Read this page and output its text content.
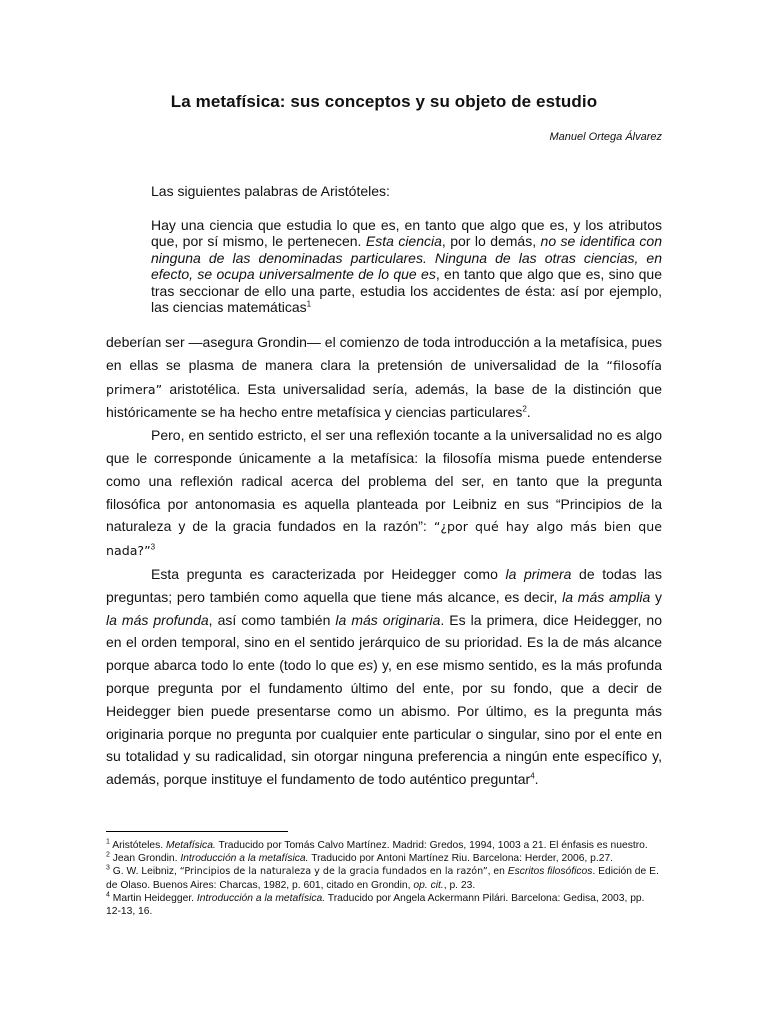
La metafísica: sus conceptos y su objeto de estudio
Manuel Ortega Álvarez
Las siguientes palabras de Aristóteles:
Hay una ciencia que estudia lo que es, en tanto que algo que es, y los atributos que, por sí mismo, le pertenecen. Esta ciencia, por lo demás, no se identifica con ninguna de las denominadas particulares. Ninguna de las otras ciencias, en efecto, se ocupa universalmente de lo que es, en tanto que algo que es, sino que tras seccionar de ello una parte, estudia los accidentes de ésta: así por ejemplo, las ciencias matemáticas$^1$

deberían ser —asegura Grondin— el comienzo de toda introducción a la metafísica, pues en ellas se plasma de manera clara la pretensión de universalidad de la “filosofía primera” aristotélica. Esta universalidad sería, además, la base de la distinción que históricamente se ha hecho entre metafísica y ciencias particulares$^2$.

Pero, en sentido estricto, el ser una reflexión tocante a la universalidad no es algo que le corresponde únicamente a la metafísica: la filosofía misma puede entenderse como una reflexión radical acerca del problema del ser, en tanto que la pregunta filosófica por antonomasia es aquella planteada por Leibniz en sus “Principios de la naturaleza y de la gracia fundados en la razón”: “¿por qué hay algo más bien que nada?”$^3$

Esta pregunta es caracterizada por Heidegger como la primera de todas las preguntas; pero también como aquella que tiene más alcance, es decir, la más amplia y la más profunda, así como también la más originaria. Es la primera, dice Heidegger, no en el orden temporal, sino en el sentido jerárquico de su prioridad. Es la de más alcance porque abarca todo lo ente (todo lo que es) y, en ese mismo sentido, es la más profunda porque pregunta por el fundamento último del ente, por su fondo, que a decir de Heidegger bien puede presentarse como un abismo. Por último, es la pregunta más originaria porque no pregunta por cualquier ente particular o singular, sino por el ente en su totalidad y su radicalidad, sin otorgar ninguna preferencia a ningún ente específico y, además, porque instituye el fundamento de todo auténtico preguntar$^4$.

$^1$ Aristóteles. Metafísica. Traducido por Tomás Calvo Martínez. Madrid: Gredos, 1994, 1003 a 21. El énfasis es nuestro.

$^2$ Jean Grondin. Introducción a la metafísica. Traducido por Antoni Martínez Riu. Barcelona: Herder, 2006, p.27.

$^3$ G. W. Leibniz, “Principios de la naturaleza y de la gracia fundados en la razón”, en Escritos filosóficos. Edición de E. de Olaso. Buenos Aires: Charcas, 1982, p. 601, citado en Grondin, op. cit., p. 23.

$^4$ Martin Heidegger. Introducción a la metafísica. Traducido por Angela Ackermann Pilári. Barcelona: Gedisa, 2003, pp. 12-13, 16.
